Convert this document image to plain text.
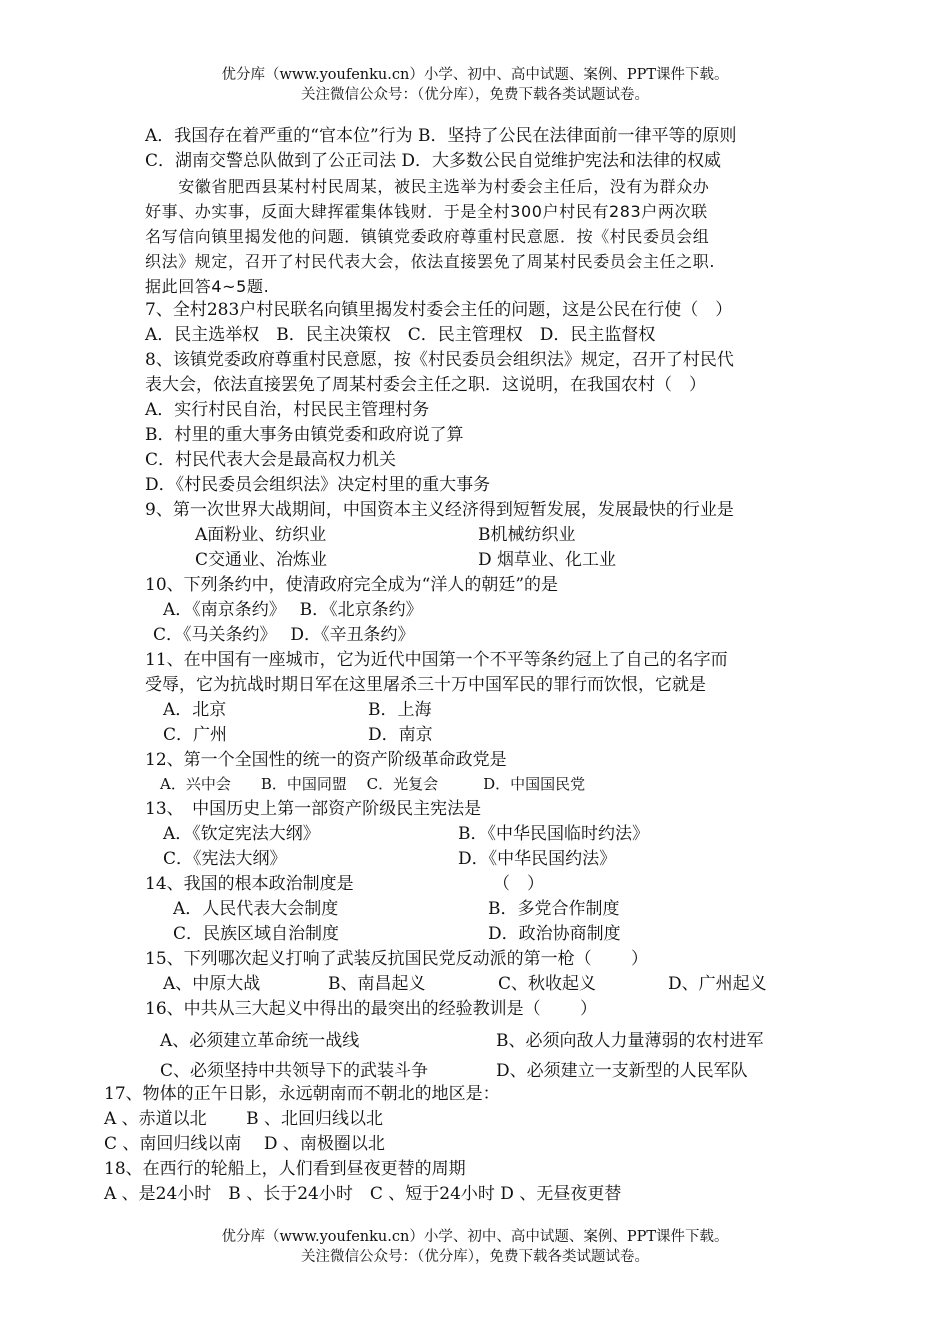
优分库（www.youfenku.cn）小学、初中、高中试题、案例、PPT课件下载。
关注微信公众号：（优分库），免费下载各类试题试卷。
A．我国存在着严重的“官本位”行为 B．坚持了公民在法律面前一律平等的原则
C．湖南交警总队做到了公正司法 D．大多数公民自觉维护宪法和法律的权威
　　安徽省肥西县某村村民周某，被民主选举为村委会主任后，没有为群众办
好事、办实事，反面大肆挥霍集体钱财．于是全村300户村民有283户两次联
名写信向镇里揭发他的问题．镇镇党委政府尊重村民意愿．按《村民委员会组
织法》规定，召开了村民代表大会，依法直接罢免了周某村民委员会主任之职.
据此回答4~5题.
7、全村283户村民联名向镇里揭发村委会主任的问题，这是公民在行使（　）
A．民主选举权　B．民主决策权　C．民主管理权　D．民主监督权
8、该镇党委政府尊重村民意愿，按《村民委员会组织法》规定，召开了村民代
表大会，依法直接罢免了周某村委会主任之职．这说明，在我国农村（　）
A．实行村民自治，村民民主管理村务
B．村里的重大事务由镇党委和政府说了算
C．村民代表大会是最高权力机关
D．《村民委员会组织法》决定村里的重大事务
9、第一次世界大战期间，中国资本主义经济得到短暂发展，发展最快的行业是
A面粉业、纺织业	B机械纺织业
C交通业、冶炼业	D 烟草业、化工业
10、下列条约中，使清政府完全成为“洋人的朝廷”的是
A．《南京条约》　 B．《北京条约》
C．《马关条约》　 D．《辛丑条约》
11、在中国有一座城市，它为近代中国第一个不平等条约冠上了自己的名字而
受辱，它为抗战时期日军在这里屠杀三十万中国军民的罪行而饮恨，它就是
A．北京	B．上海
C．广州	D．南京
12、第一个全国性的统一的资产阶级革命政党是
A．兴中会　　B．中国同盟　 C．光复会　　　D．中国国民党
13、　中国历史上第一部资产阶级民主宪法是
A．《钦定宪法大纲》	B．《中华民国临时约法》
C．《宪法大纲》	D．《中华民国约法》
14、我国的根本政治制度是	（　）
A．人民代表大会制度	B．多党合作制度
C．民族区域自治制度	D．政治协商制度
15、下列哪次起义打响了武装反抗国民党反动派的第一枪（　　 ）
A、中原大战	B、南昌起义	C、秋收起义	D、广州起义
16、中共从三大起义中得出的最突出的经验教训是（　　 ）
A、必须建立革命统一战线	B、必须向敌人力量薄弱的农村进军
C、必须坚持中共领导下的武装斗争	D、必须建立一支新型的人民军队
17、物体的正午日影，永远朝南而不朝北的地区是：
A 、赤道以北　　 B 、北回归线以北
C 、南回归线以南　 D 、南极圈以北
18、在西行的轮船上，人们看到昼夜更替的周期
A 、是24小时　B 、长于24小时　C 、短于24小时 D 、无昼夜更替
优分库（www.youfenku.cn）小学、初中、高中试题、案例、PPT课件下载。
关注微信公众号：（优分库），免费下载各类试题试卷。
